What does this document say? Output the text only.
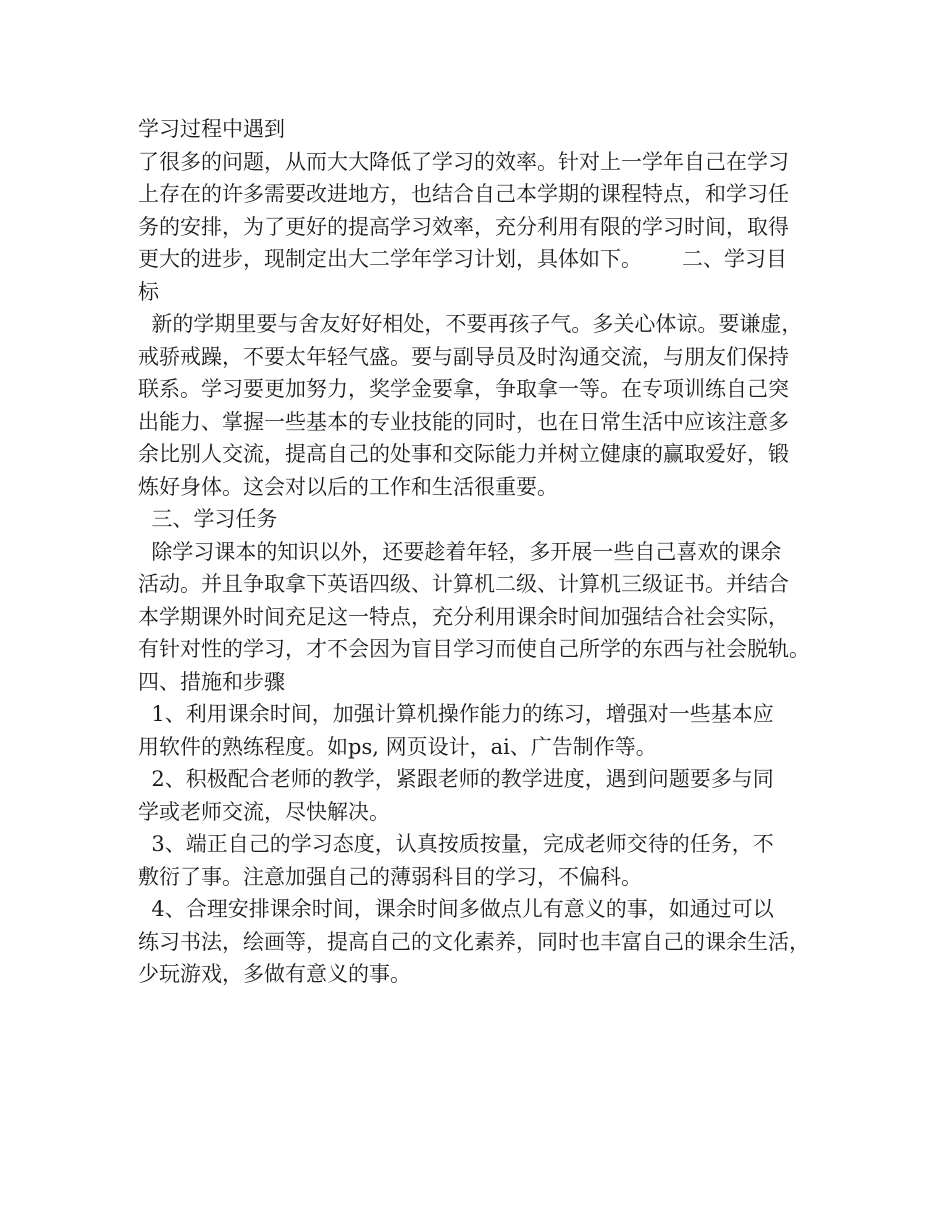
学习过程中遇到
了很多的问题，从而大大降低了学习的效率。针对上一学年自己在学习
上存在的许多需要改进地方，也结合自己本学期的课程特点，和学习任
务的安排，为了更好的提高学习效率，充分利用有限的学习时间，取得
更大的进步，现制定出大二学年学习计划，具体如下。      二、学习目
标
新的学期里要与舍友好好相处，不要再孩子气。多关心体谅。要谦虚，
戒骄戒躁，不要太年轻气盛。要与副导员及时沟通交流，与朋友们保持
联系。学习要更加努力，奖学金要拿，争取拿一等。在专项训练自己突
出能力、掌握一些基本的专业技能的同时，也在日常生活中应该注意多
余比别人交流，提高自己的处事和交际能力并树立健康的赢取爱好，锻
炼好身体。这会对以后的工作和生活很重要。
三、学习任务
除学习课本的知识以外，还要趁着年轻，多开展一些自己喜欢的课余
活动。并且争取拿下英语四级、计算机二级、计算机三级证书。并结合
本学期课外时间充足这一特点，充分利用课余时间加强结合社会实际，
有针对性的学习，才不会因为盲目学习而使自己所学的东西与社会脱轨。
四、措施和步骤
1、利用课余时间，加强计算机操作能力的练习，增强对一些基本应
用软件的熟练程度。如ps, 网页设计，ai、广告制作等。
2、积极配合老师的教学，紧跟老师的教学进度，遇到问题要多与同
学或老师交流，尽快解决。
3、端正自己的学习态度，认真按质按量，完成老师交待的任务，不
敷衍了事。注意加强自己的薄弱科目的学习，不偏科。
4、合理安排课余时间，课余时间多做点儿有意义的事，如通过可以
练习书法，绘画等，提高自己的文化素养，同时也丰富自己的课余生活，
少玩游戏，多做有意义的事。
